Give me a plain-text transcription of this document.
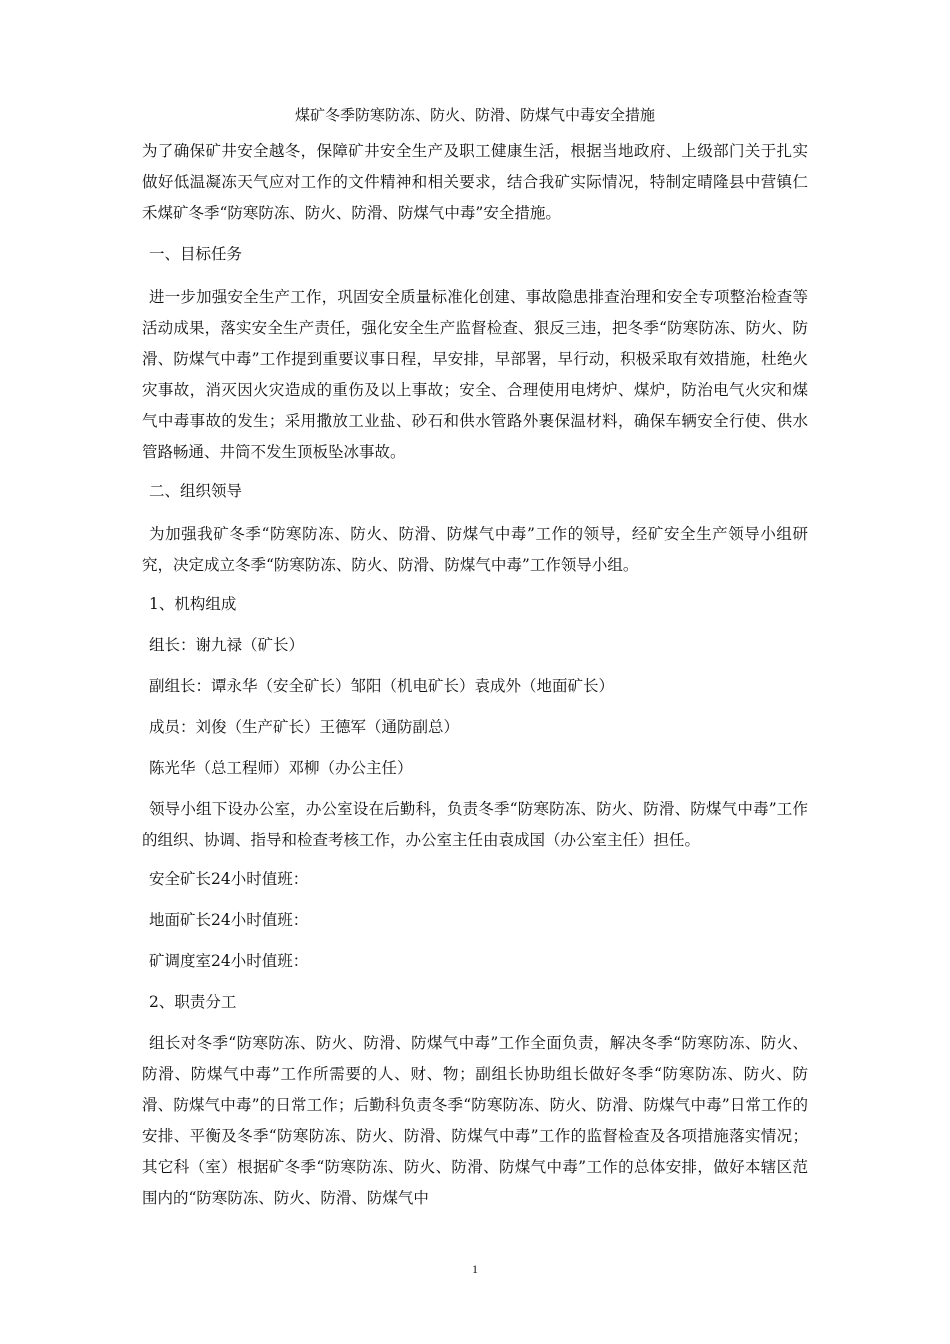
煤矿冬季防寒防冻、防火、防滑、防煤气中毒安全措施

为了确保矿井安全越冬，保障矿井安全生产及职工健康生活，根据当地政府、上级部门关于扎实做好低温凝冻天气应对工作的文件精神和相关要求，结合我矿实际情况，特制定晴隆县中营镇仁禾煤矿冬季“防寒防冻、防火、防滑、防煤气中毒”安全措施。

一、目标任务

进一步加强安全生产工作，巩固安全质量标准化创建、事故隐患排查治理和安全专项整治检查等活动成果，落实安全生产责任，强化安全生产监督检查、狠反三违，把冬季“防寒防冻、防火、防滑、防煤气中毒”工作提到重要议事日程，早安排，早部署，早行动，积极采取有效措施，杜绝火灾事故，消灭因火灾造成的重伤及以上事故；安全、合理使用电烤炉、煤炉，防治电气火灾和煤气中毒事故的发生；采用撒放工业盐、砂石和供水管路外裹保温材料，确保车辆安全行使、供水管路畅通、井筒不发生顶板坠冰事故。

二、组织领导

为加强我矿冬季“防寒防冻、防火、防滑、防煤气中毒”工作的领导，经矿安全生产领导小组研究，决定成立冬季“防寒防冻、防火、防滑、防煤气中毒”工作领导小组。

1、机构组成

组长：谢九禄（矿长）

副组长：谭永华（安全矿长）邹阳（机电矿长）袁成外（地面矿长）

成员：刘俊（生产矿长）王德军（通防副总）

陈光华（总工程师）邓柳（办公主任）

领导小组下设办公室，办公室设在后勤科，负责冬季“防寒防冻、防火、防滑、防煤气中毒”工作的组织、协调、指导和检查考核工作，办公室主任由袁成国（办公室主任）担任。

安全矿长24小时值班：

地面矿长24小时值班：

矿调度室24小时值班：

2、职责分工

组长对冬季“防寒防冻、防火、防滑、防煤气中毒”工作全面负责，解决冬季“防寒防冻、防火、防滑、防煤气中毒”工作所需要的人、财、物；副组长协助组长做好冬季“防寒防冻、防火、防滑、防煤气中毒”的日常工作；后勤科负责冬季“防寒防冻、防火、防滑、防煤气中毒”日常工作的安排、平衡及冬季“防寒防冻、防火、防滑、防煤气中毒”工作的监督检查及各项措施落实情况；其它科（室）根据矿冬季“防寒防冻、防火、防滑、防煤气中毒”工作的总体安排，做好本辖区范围内的“防寒防冻、防火、防滑、防煤气中

1
